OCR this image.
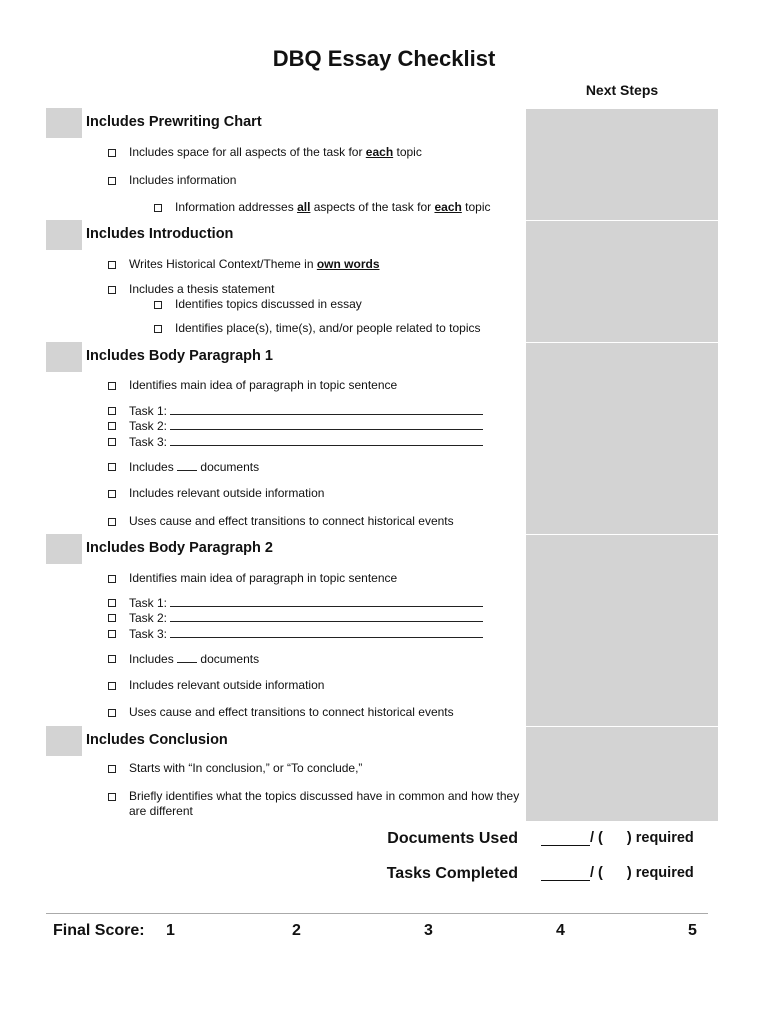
DBQ Essay Checklist
Next Steps
Includes Prewriting Chart
Includes space for all aspects of the task for each topic
Includes information
Information addresses all aspects of the task for each topic
Includes Introduction
Writes Historical Context/Theme in own words
Includes a thesis statement
Identifies topics discussed in essay
Identifies place(s), time(s), and/or people related to topics
Includes Body Paragraph 1
Identifies main idea of paragraph in topic sentence
Task 1:
Task 2:
Task 3:
Includes documents
Includes relevant outside information
Uses cause and effect transitions to connect historical events
Includes Body Paragraph 2
Identifies main idea of paragraph in topic sentence
Task 1:
Task 2:
Task 3:
Includes documents
Includes relevant outside information
Uses cause and effect transitions to connect historical events
Includes Conclusion
Starts with “In conclusion,” or “To conclude,”
Briefly identifies what the topics discussed have in common and how they are different
Documents Used	/ ( ) required
Tasks Completed	/ ( ) required
Final Score: 1	2	3	4	5
